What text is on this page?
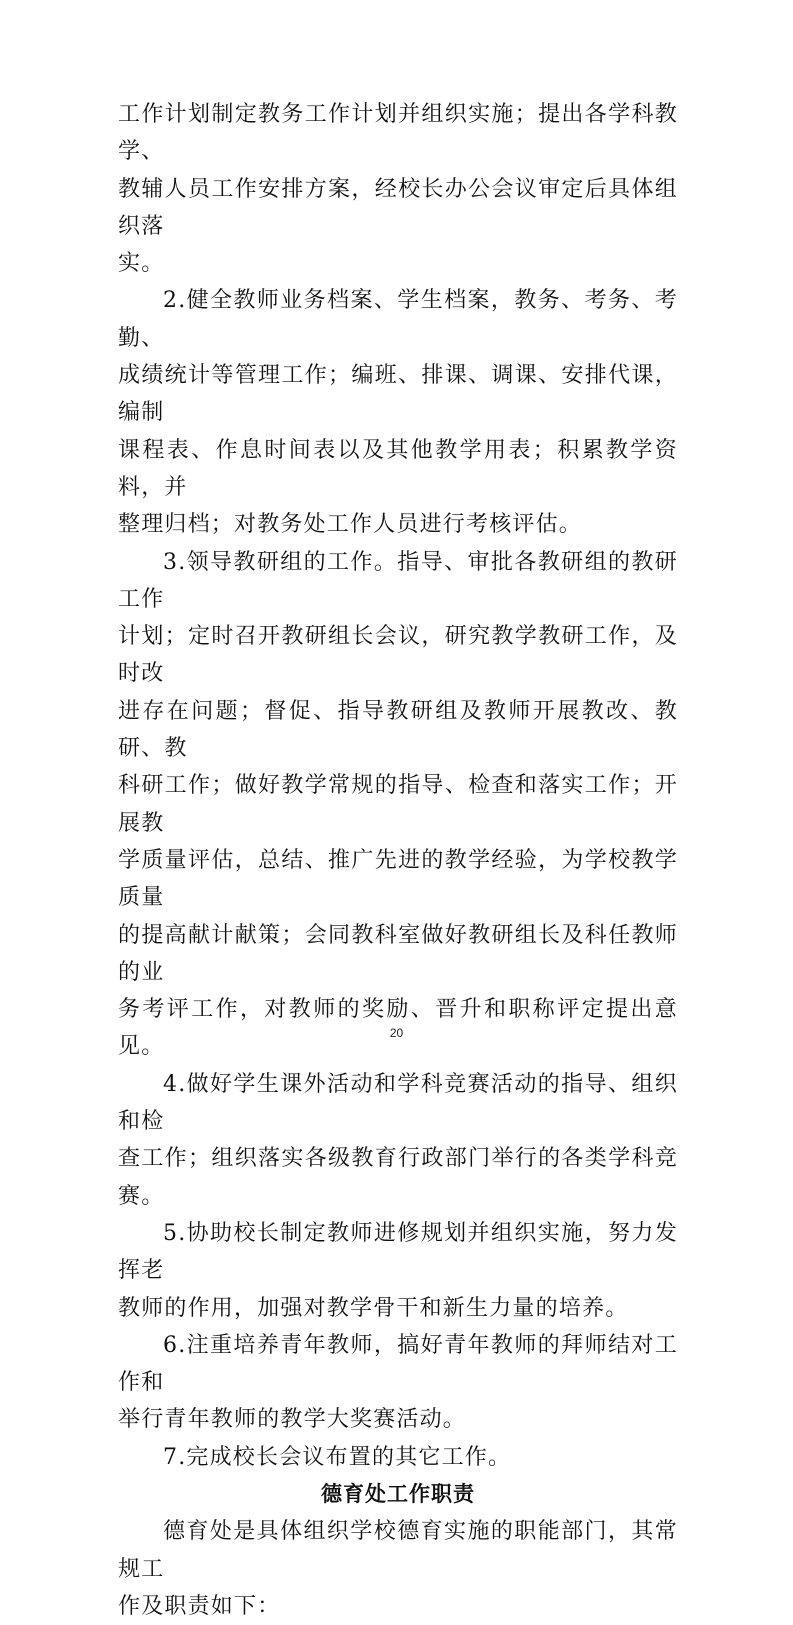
工作计划制定教务工作计划并组织实施；提出各学科教学、
教辅人员工作安排方案，经校长办公会议审定后具体组织落
实。

2.健全教师业务档案、学生档案，教务、考务、考勤、
成绩统计等管理工作；编班、排课、调课、安排代课，编制
课程表、作息时间表以及其他教学用表；积累教学资料，并
整理归档；对教务处工作人员进行考核评估。

3.领导教研组的工作。指导、审批各教研组的教研工作
计划；定时召开教研组长会议，研究教学教研工作，及时改
进存在问题；督促、指导教研组及教师开展教改、教研、教
科研工作；做好教学常规的指导、检查和落实工作；开展教
学质量评估，总结、推广先进的教学经验，为学校教学质量
的提高献计献策；会同教科室做好教研组长及科任教师的业
务考评工作，对教师的奖励、晋升和职称评定提出意见。

4.做好学生课外活动和学科竞赛活动的指导、组织和检
查工作；组织落实各级教育行政部门举行的各类学科竞赛。

5.协助校长制定教师进修规划并组织实施，努力发挥老
教师的作用，加强对教学骨干和新生力量的培养。

6.注重培养青年教师，搞好青年教师的拜师结对工作和
举行青年教师的教学大奖赛活动。

7.完成校长会议布置的其它工作。

德育处工作职责

德育处是具体组织学校德育实施的职能部门，其常规工
作及职责如下：

20
